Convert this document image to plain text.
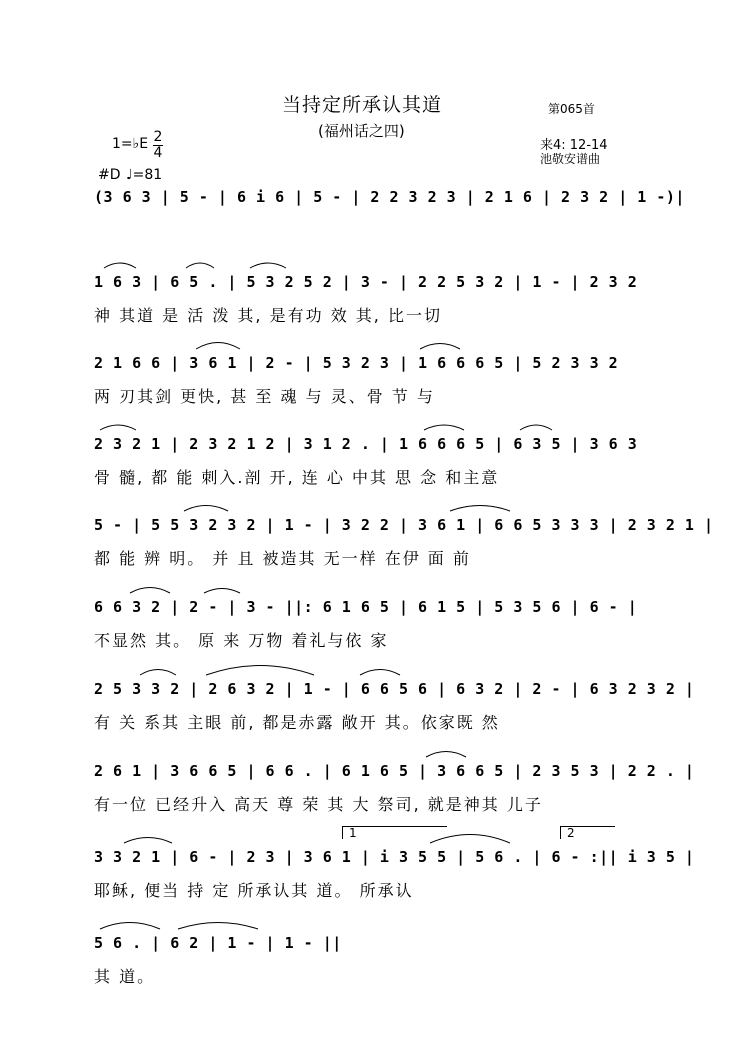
当持定所承认其道
(福州话之四)
第065首
来4: 12-14
池敬安谱曲
1=♭E 2
4
#D ♩=81
(3 6 3 | 5 - | 6 i 6 | 5 - | 2 2 3 2 3 | 2 1 6 | 2 3 2 | 1 -)|
1 6 3 | 6 5 . | 5 3 2 5 2 | 3 - | 2 2 5 3 2 | 1 - | 2 3 2
神 其道 是 活 泼 其, 是有功 效 其, 比一切
2 1 6 6 | 3 6 1 | 2 - | 5 3 2 3 | 1 6 6 6 5 | 5 2 3 3 2
两 刃其剑 更快, 甚 至 魂 与 灵、骨 节 与
2 3 2 1 | 2 3 2 1 2 | 3 1 2 . | 1 6 6 6 5 | 6 3 5 | 3 6 3
骨 髓, 都 能 刺入.剖 开, 连 心 中其 思 念 和主意
5 - | 5 5 3 2 3 2 | 1 - | 3 2 2 | 3 6 1 | 6 6 5 3 3 3 | 2 3 2 1 |
都 能 辨 明。 并 且 被造其 无一样 在伊 面 前
6 6 3 2 | 2 - | 3 - ||: 6 1 6 5 | 6 1 5 | 5 3 5 6 | 6 - |
不显然 其。 原 来 万物 着礼与依 家
2 5 3 3 2 | 2 6 3 2 | 1 - | 6 6 5 6 | 6 3 2 | 2 - | 6 3 2 3 2 |
有 关 系其 主眼 前, 都是赤露 敞开 其。依家既 然
2 6 1 | 3 6 6 5 | 6 6 . | 6 1 6 5 | 3 6 6 5 | 2 3 5 3 | 2 2 . |
有一位 已经升入 高天 尊 荣 其 大 祭司, 就是神其 儿子
1	2
3 3 2 1 | 6 - | 2 3 | 3 6 1 | i 3 5 5 | 5 6 . | 6 - :|| i 3 5 |
耶稣, 便当 持 定 所承认其 道。 所承认
5 6 . | 6 2 | 1 - | 1 - ||
其 道。
